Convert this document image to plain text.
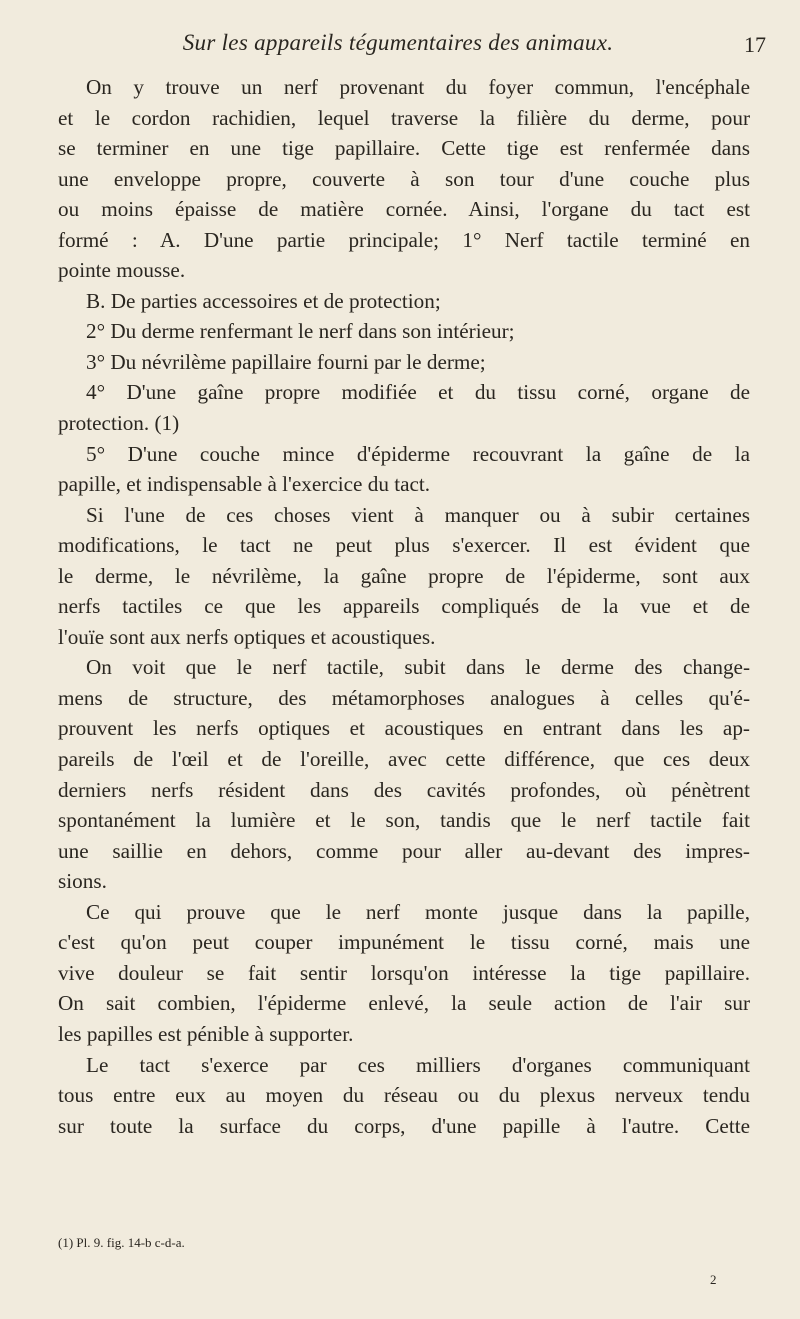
Sur les appareils tégumentaires des animaux.	17
On y trouve un nerf provenant du foyer commun, l'encéphale
et le cordon rachidien, lequel traverse la filière du derme, pour
se terminer en une tige papillaire. Cette tige est renfermée dans
une enveloppe propre, couverte à son tour d'une couche plus
ou moins épaisse de matière cornée. Ainsi, l'organe du tact est
formé : A. D'une partie principale; 1° Nerf tactile terminé en
pointe mousse.
B. De parties accessoires et de protection;
2° Du derme renfermant le nerf dans son intérieur;
3° Du névrilème papillaire fourni par le derme;
4° D'une gaîne propre modifiée et du tissu corné, organe de
protection. (1)
5° D'une couche mince d'épiderme recouvrant la gaîne de la
papille, et indispensable à l'exercice du tact.
Si l'une de ces choses vient à manquer ou à subir certaines
modifications, le tact ne peut plus s'exercer. Il est évident que
le derme, le névrilème, la gaîne propre de l'épiderme, sont aux
nerfs tactiles ce que les appareils compliqués de la vue et de
l'ouïe sont aux nerfs optiques et acoustiques.
On voit que le nerf tactile, subit dans le derme des change-
mens de structure, des métamorphoses analogues à celles qu'é-
prouvent les nerfs optiques et acoustiques en entrant dans les ap-
pareils de l'œil et de l'oreille, avec cette différence, que ces deux
derniers nerfs résident dans des cavités profondes, où pénètrent
spontanément la lumière et le son, tandis que le nerf tactile fait
une saillie en dehors, comme pour aller au-devant des impres-
sions.
Ce qui prouve que le nerf monte jusque dans la papille,
c'est qu'on peut couper impunément le tissu corné, mais une
vive douleur se fait sentir lorsqu'on intéresse la tige papillaire.
On sait combien, l'épiderme enlevé, la seule action de l'air sur
les papilles est pénible à supporter.
Le tact s'exerce par ces milliers d'organes communiquant
tous entre eux au moyen du réseau ou du plexus nerveux tendu
sur toute la surface du corps, d'une papille à l'autre. Cette
(1) Pl. 9. fig. 14-b c-d-a.
2
